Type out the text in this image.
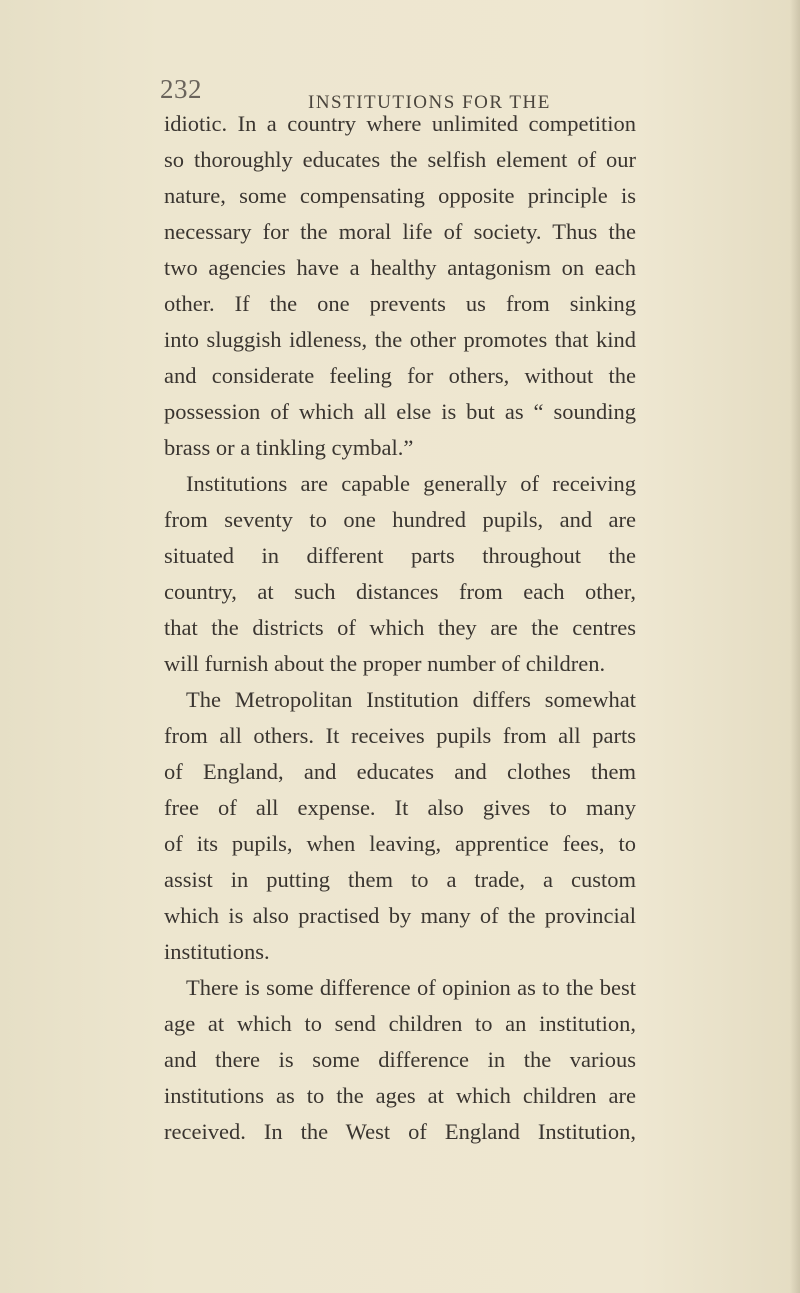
232	INSTITUTIONS FOR THE
idiotic. In a country where unlimited competition
so thoroughly educates the selfish element of our
nature, some compensating opposite principle is
necessary for the moral life of society. Thus the
two agencies have a healthy antagonism on each
other. If the one prevents us from sinking
into sluggish idleness, the other promotes that kind
and considerate feeling for others, without the
possession of which all else is but as “ sounding
brass or a tinkling cymbal.”
Institutions are capable generally of receiving
from seventy to one hundred pupils, and are
situated in different parts throughout the
country, at such distances from each other,
that the districts of which they are the centres
will furnish about the proper number of children.
The Metropolitan Institution differs somewhat
from all others. It receives pupils from all parts
of England, and educates and clothes them
free of all expense. It also gives to many
of its pupils, when leaving, apprentice fees, to
assist in putting them to a trade, a custom
which is also practised by many of the provincial
institutions.
There is some difference of opinion as to the best
age at which to send children to an institution,
and there is some difference in the various
institutions as to the ages at which children are
received. In the West of England Institution,
